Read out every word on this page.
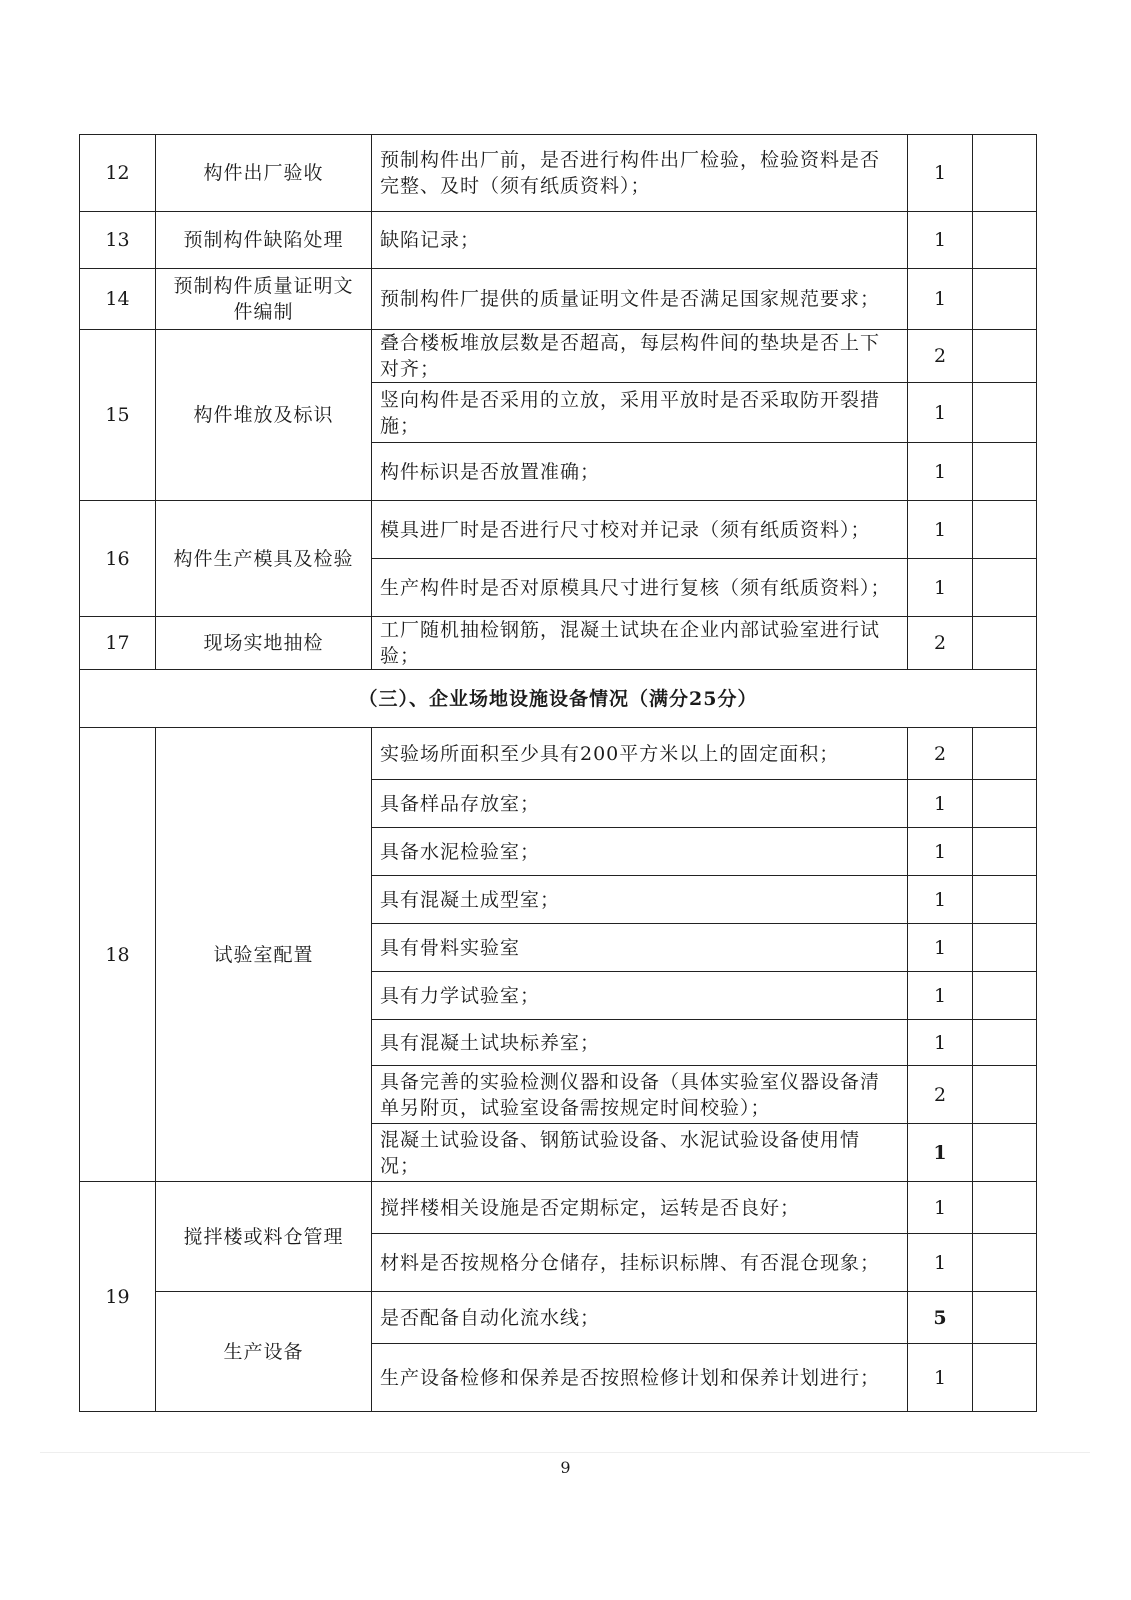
12	构件出厂验收	预制构件出厂前，是否进行构件出厂检验，检验资料是否完整、及时（须有纸质资料）；	1	
13	预制构件缺陷处理	缺陷记录；	1	
14	预制构件质量证明文件编制	预制构件厂提供的质量证明文件是否满足国家规范要求；	1	
15	构件堆放及标识	叠合楼板堆放层数是否超高，每层构件间的垫块是否上下对齐；	2	
		竖向构件是否采用的立放，采用平放时是否采取防开裂措施；	1	
		构件标识是否放置准确；	1	
16	构件生产模具及检验	模具进厂时是否进行尺寸校对并记录（须有纸质资料）；	1	
		生产构件时是否对原模具尺寸进行复核（须有纸质资料）；	1	
17	现场实地抽检	工厂随机抽检钢筋，混凝土试块在企业内部试验室进行试验；	2	
（三）、企业场地设施设备情况（满分25分）				
18	试验室配置	实验场所面积至少具有200平方米以上的固定面积；	2	
		具备样品存放室；	1	
		具备水泥检验室；	1	
		具有混凝土成型室；	1	
		具有骨料实验室	1	
		具有力学试验室；	1	
		具有混凝土试块标养室；	1	
		具备完善的实验检测仪器和设备（具体实验室仪器设备清单另附页，试验室设备需按规定时间校验）；	2	
		混凝土试验设备、钢筋试验设备、水泥试验设备使用情况；	1	
19	搅拌楼或料仓管理	搅拌楼相关设施是否定期标定，运转是否良好；	1	
		材料是否按规格分仓储存，挂标识标牌、有否混仓现象；	1	
	生产设备	是否配备自动化流水线；	5	
		生产设备检修和保养是否按照检修计划和保养计划进行；	1	
9
